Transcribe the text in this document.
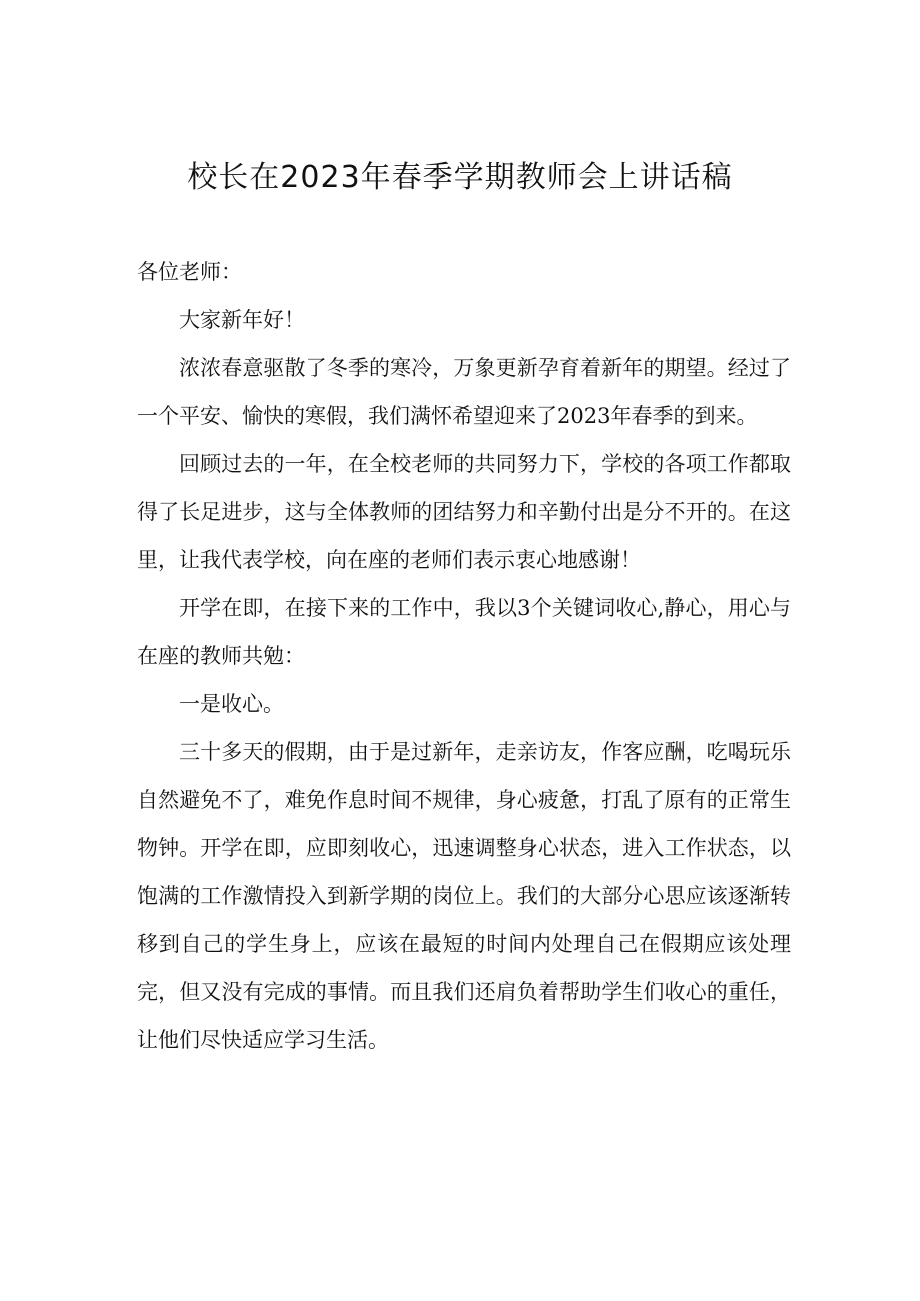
校长在2023年春季学期教师会上讲话稿

各位老师：

大家新年好！

浓浓春意驱散了冬季的寒冷，万象更新孕育着新年的期望。经过了一个平安、愉快的寒假，我们满怀希望迎来了2023年春季的到来。

回顾过去的一年，在全校老师的共同努力下，学校的各项工作都取得了长足进步，这与全体教师的团结努力和辛勤付出是分不开的。在这里，让我代表学校，向在座的老师们表示衷心地感谢！

开学在即，在接下来的工作中，我以3个关键词收心,静心，用心与在座的教师共勉：

一是收心。

三十多天的假期，由于是过新年，走亲访友，作客应酬，吃喝玩乐自然避免不了，难免作息时间不规律，身心疲惫，打乱了原有的正常生物钟。开学在即，应即刻收心，迅速调整身心状态，进入工作状态，以饱满的工作激情投入到新学期的岗位上。我们的大部分心思应该逐渐转移到自己的学生身上，应该在最短的时间内处理自己在假期应该处理完，但又没有完成的事情。而且我们还肩负着帮助学生们收心的重任，让他们尽快适应学习生活。
